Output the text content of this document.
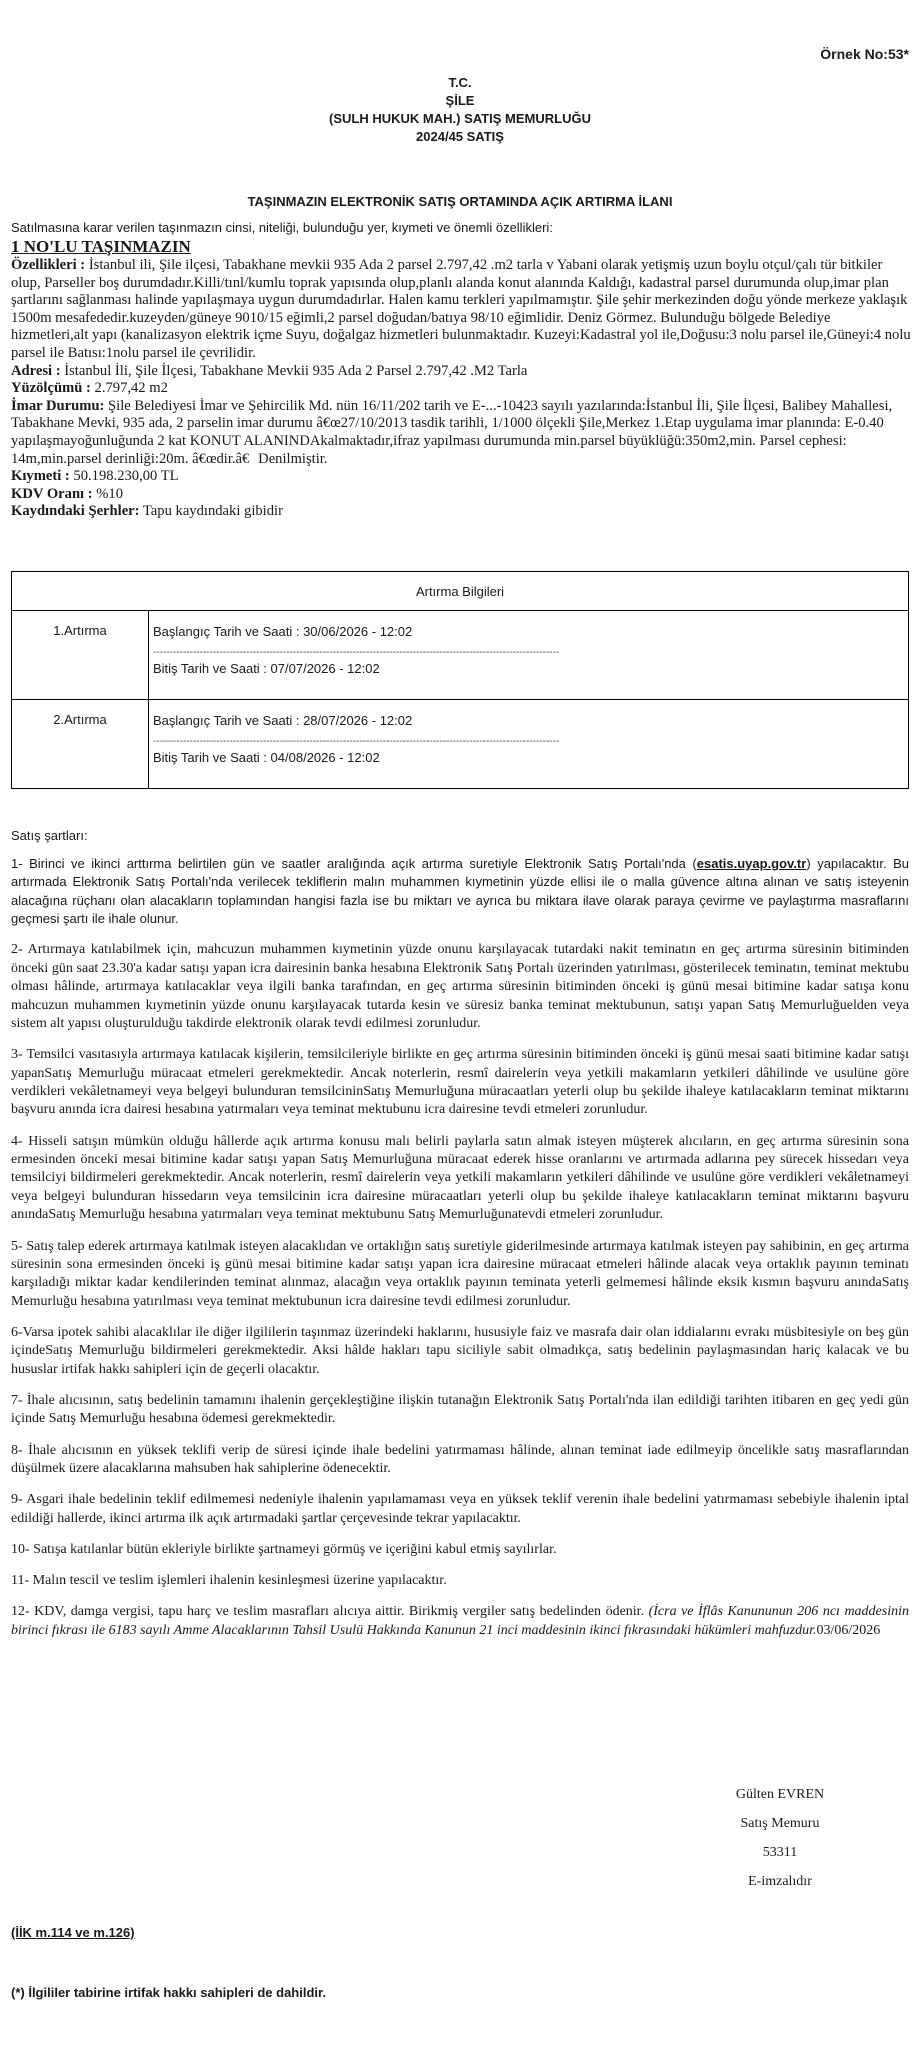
Örnek No:53*
T.C.
ŞİLE
(SULH HUKUK MAH.) SATIŞ MEMURLUĞU
2024/45 SATIŞ
TAŞINMAZIN ELEKTRONİK SATIŞ ORTAMINDA AÇIK ARTIRMA İLANI
Satılmasına karar verilen taşınmazın cinsi, niteliği, bulunduğu yer, kıymeti ve önemli özellikleri:
1 NO'LU TAŞINMAZIN

Özellikleri : İstanbul ili, Şile ilçesi, Tabakhane mevkii 935 Ada 2 parsel 2.797,42 .m2 tarla v Yabani olarak yetişmiş uzun boylu otçul/çalı tür bitkiler olup, Parseller boş durumdadır.Killi/tınl/kumlu toprak yapısında olup,planlı alanda konut alanında Kaldığı, kadastral parsel durumunda olup,imar plan şartlarını sağlanması halinde yapılaşmaya uygun durumdadırlar. Halen kamu terkleri yapılmamıştır. Şile şehir merkezinden doğu yönde merkeze yaklaşık 1500m mesafededir.kuzeyden/güneye 9010/15 eğimli,2 parsel doğudan/batıya 98/10 eğimlidir. Deniz Görmez. Bulunduğu bölgede Belediye hizmetleri,alt yapı (kanalizasyon elektrik içme Suyu, doğalgaz hizmetleri bulunmaktadır. Kuzeyi:Kadastral yol ile,Doğusu:3 nolu parsel ile,Güneyi:4 nolu parsel ile Batısı:1nolu parsel ile çevrilidir.

Adresi : İstanbul İli, Şile İlçesi, Tabakhane Mevkii 935 Ada 2 Parsel 2.797,42 .M2 Tarla

Yüzölçümü : 2.797,42 m2

İmar Durumu: Şile Belediyesi İmar ve Şehircilik Md. nün 16/11/202 tarih ve E-...-10423 sayılı yazılarında:İstanbul İli, Şile İlçesi, Balibey Mahallesi, Tabakhane Mevki, 935 ada, 2 parselin imar durumu â€œ27/10/2013 tasdik tarihli, 1/1000 ölçekli Şile,Merkez 1.Etap uygulama imar planında: E-0.40 yapılaşmayoğunluğunda 2 kat KONUT ALANINDAkalmaktadır,ifraz yapılması durumunda min.parsel büyüklüğü:350m2,min. Parsel cephesi: 14m,min.parsel derinliği:20m. â€œdir.â€Denilmiştir.

Kıymeti : 50.198.230,00 TL

KDV Oranı : %10

Kaydındaki Şerhler: Tapu kaydındaki gibidir

Artırma Bilgileri	
1.Artırma	Başlangıç Tarih ve Saati : 30/06/2026 - 12:02
--------------------------------------------------------------------------------------------------------------------------
Bitiş Tarih ve Saati : 07/07/2026 - 12:02

2.Artırma	Başlangıç Tarih ve Saati : 28/07/2026 - 12:02
--------------------------------------------------------------------------------------------------------------------------
Bitiş Tarih ve Saati : 04/08/2026 - 12:02
Satış şartları:

1- Birinci ve ikinci arttırma belirtilen gün ve saatler aralığında açık artırma suretiyle Elektronik Satış Portalı'nda (esatis.uyap.gov.tr) yapılacaktır. Bu artırmada Elektronik Satış Portalı'nda verilecek tekliflerin malın muhammen kıymetinin yüzde ellisi ile o malla güvence altına alınan ve satış isteyenin alacağına rüçhanı olan alacakların toplamından hangisi fazla ise bu miktarı ve ayrıca bu miktara ilave olarak paraya çevirme ve paylaştırma masraflarını geçmesi şartı ile ihale olunur.

2- Artırmaya katılabilmek için, mahcuzun muhammen kıymetinin yüzde onunu karşılayacak tutardaki nakit teminatın en geç artırma süresinin bitiminden önceki gün saat 23.30'a kadar satışı yapan icra dairesinin banka hesabına Elektronik Satış Portalı üzerinden yatırılması, gösterilecek teminatın, teminat mektubu olması hâlinde, artırmaya katılacaklar veya ilgili banka tarafından, en geç artırma süresinin bitiminden önceki iş günü mesai bitimine kadar satışa konu mahcuzun muhammen kıymetinin yüzde onunu karşılayacak tutarda kesin ve süresiz banka teminat mektubunun, satışı yapan Satış Memurluğuelden veya sistem alt yapısı oluşturulduğu takdirde elektronik olarak tevdi edilmesi zorunludur.

3- Temsilci vasıtasıyla artırmaya katılacak kişilerin, temsilcileriyle birlikte en geç artırma süresinin bitiminden önceki iş günü mesai saati bitimine kadar satışı yapanSatış Memurluğu müracaat etmeleri gerekmektedir. Ancak noterlerin, resmî dairelerin veya yetkili makamların yetkileri dâhilinde ve usulüne göre verdikleri vekâletnameyi veya belgeyi bulunduran temsilcininSatış Memurluğuna müracaatları yeterli olup bu şekilde ihaleye katılacakların teminat miktarını başvuru anında icra dairesi hesabına yatırmaları veya teminat mektubunu icra dairesine tevdi etmeleri zorunludur.

4- Hisseli satışın mümkün olduğu hâllerde açık artırma konusu malı belirli paylarla satın almak isteyen müşterek alıcıların, en geç artırma süresinin sona ermesinden önceki mesai bitimine kadar satışı yapan Satış Memurluğuna müracaat ederek hisse oranlarını ve artırmada adlarına pey sürecek hissedarı veya temsilciyi bildirmeleri gerekmektedir. Ancak noterlerin, resmî dairelerin veya yetkili makamların yetkileri dâhilinde ve usulüne göre verdikleri vekâletnameyi veya belgeyi bulunduran hissedarın veya temsilcinin icra dairesine müracaatları yeterli olup bu şekilde ihaleye katılacakların teminat miktarını başvuru anındaSatış Memurluğu hesabına yatırmaları veya teminat mektubunu Satış Memurluğunatevdi etmeleri zorunludur.

5- Satış talep ederek artırmaya katılmak isteyen alacaklıdan ve ortaklığın satış suretiyle giderilmesinde artırmaya katılmak isteyen pay sahibinin, en geç artırma süresinin sona ermesinden önceki iş günü mesai bitimine kadar satışı yapan icra dairesine müracaat etmeleri hâlinde alacak veya ortaklık payının teminatı karşıladığı miktar kadar kendilerinden teminat alınmaz, alacağın veya ortaklık payının teminata yeterli gelmemesi hâlinde eksik kısmın başvuru anındaSatış Memurluğu hesabına yatırılması veya teminat mektubunun icra dairesine tevdi edilmesi zorunludur.

6-Varsa ipotek sahibi alacaklılar ile diğer ilgililerin taşınmaz üzerindeki haklarını, hususiyle faiz ve masrafa dair olan iddialarını evrakı müsbitesiyle on beş gün içindeSatış Memurluğu bildirmeleri gerekmektedir. Aksi hâlde hakları tapu siciliyle sabit olmadıkça, satış bedelinin paylaşmasından hariç kalacak ve bu hususlar irtifak hakkı sahipleri için de geçerli olacaktır.

7- İhale alıcısının, satış bedelinin tamamını ihalenin gerçekleştiğine ilişkin tutanağın Elektronik Satış Portalı'nda ilan edildiği tarihten itibaren en geç yedi gün içinde Satış Memurluğu hesabına ödemesi gerekmektedir.

8- İhale alıcısının en yüksek teklifi verip de süresi içinde ihale bedelini yatırmaması hâlinde, alınan teminat iade edilmeyip öncelikle satış masraflarından düşülmek üzere alacaklarına mahsuben hak sahiplerine ödenecektir.

9- Asgari ihale bedelinin teklif edilmemesi nedeniyle ihalenin yapılamaması veya en yüksek teklif verenin ihale bedelini yatırmaması sebebiyle ihalenin iptal edildiği hallerde, ikinci artırma ilk açık artırmadaki şartlar çerçevesinde tekrar yapılacaktır.

10- Satışa katılanlar bütün ekleriyle birlikte şartnameyi görmüş ve içeriğini kabul etmiş sayılırlar.

11- Malın tescil ve teslim işlemleri ihalenin kesinleşmesi üzerine yapılacaktır.

12- KDV, damga vergisi, tapu harç ve teslim masrafları alıcıya aittir. Birikmiş vergiler satış bedelinden ödenir. (İcra ve İflâs Kanununun 206 ncı maddesinin birinci fıkrası ile 6183 sayılı Amme Alacaklarının Tahsil Usulü Hakkında Kanunun 21 inci maddesinin ikinci fıkrasındaki hükümleri mahfuzdur.03/06/2026

Gülten EVREN
Satış Memuru
53311
E-imzalıdır
(İİK m.114 ve m.126)
(*) İlgililer tabirine irtifak hakkı sahipleri de dahildir.
